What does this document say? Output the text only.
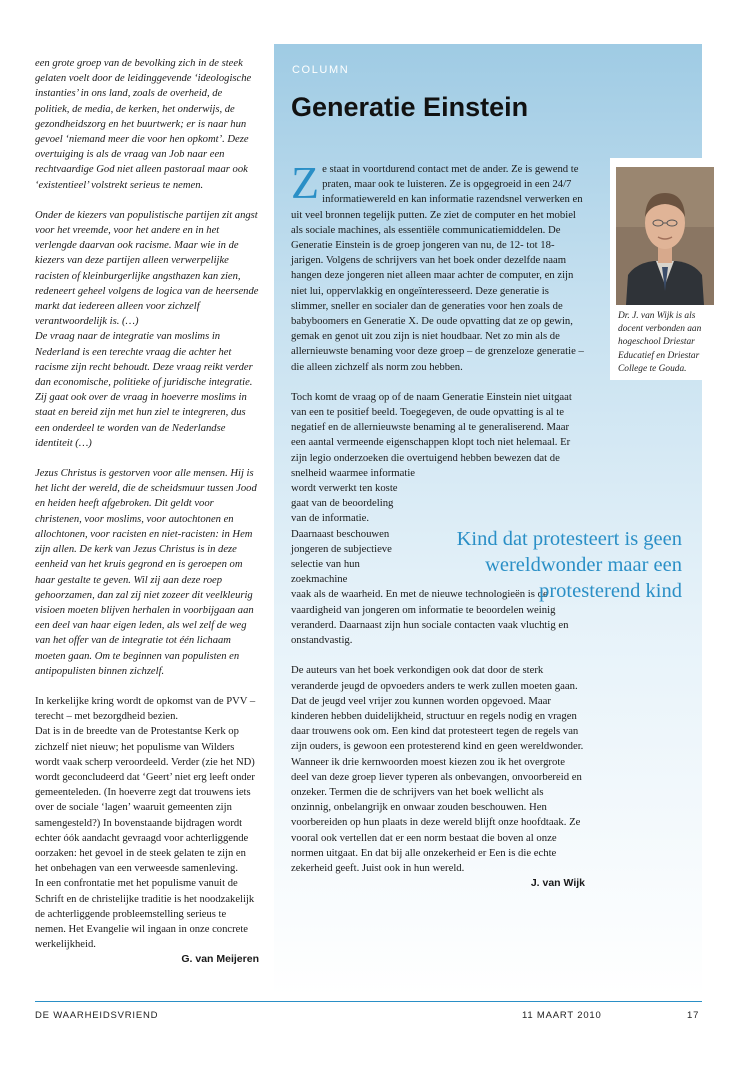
een grote groep van de bevolking zich in de steek gelaten voelt door de leidinggevende ‘ideologische instanties’ in ons land, zoals de overheid, de politiek, de media, de kerken, het onderwijs, de gezondheidszorg en het buurtwerk; er is naar hun gevoel ‘niemand meer die voor hen opkomt’. Deze overtuiging is als de vraag van Job naar een rechtvaardige God niet alleen pastoraal maar ook ‘existentieel’ volstrekt serieus te nemen.

Onder de kiezers van populistische partijen zit angst voor het vreemde, voor het andere en in het verlengde daarvan ook racisme. Maar wie in de kiezers van deze partijen alleen verwerpelijke racisten of kleinburgerlijke angsthazen kan zien, redeneert geheel volgens de logica van de heersende markt dat iedereen alleen voor zichzelf verantwoordelijk is. (…)

De vraag naar de integratie van moslims in Nederland is een terechte vraag die achter het racisme zijn recht behoudt. Deze vraag reikt verder dan economische, politieke of juridische integratie. Zij gaat ook over de vraag in hoeverre moslims in staat en bereid zijn met hun ziel te integreren, dus een onderdeel te worden van de Nederlandse identiteit (…)

Jezus Christus is gestorven voor alle mensen. Hij is het licht der wereld, die de scheidsmuur tussen Jood en heiden heeft afgebroken. Dit geldt voor christenen, voor moslims, voor autochtonen en allochtonen, voor racisten en niet-racisten: in Hem zijn allen. De kerk van Jezus Christus is in deze eenheid van het kruis gegrond en is geroepen om haar gestalte te geven. Wil zij aan deze roep gehoorzamen, dan zal zij niet zozeer dit veelkleurig visioen moeten blijven herhalen in voorbijgaan aan een deel van haar eigen leden, als wel zelf de weg van het offer van de integratie tot één lichaam moeten gaan. Om te beginnen van populisten en antipopulisten binnen zichzelf.

In kerkelijke kring wordt de opkomst van de PVV – terecht – met bezorgdheid bezien.

Dat is in de breedte van de Protestantse Kerk op zichzelf niet nieuw; het populisme van Wilders wordt vaak scherp veroordeeld. Verder (zie het ND) wordt geconcludeerd dat ‘Geert’ niet erg leeft onder gemeenteleden. (In hoeverre zegt dat trouwens iets over de sociale ‘lagen’ waaruit gemeenten zijn samengesteld?) In bovenstaande bijdragen wordt echter óók aandacht gevraagd voor achterliggende oorzaken: het gevoel in de steek gelaten te zijn en het onbehagen van een verweesde samenleving.

In een confrontatie met het populisme vanuit de Schrift en de christelijke traditie is het noodzakelijk de achterliggende probleemstelling serieus te nemen. Het Evangelie wil ingaan in onze concrete werkelijkheid.

G. van Meijeren

COLUMN
Generatie Einstein

Ze staat in voortdurend contact met de ander. Ze is gewend te praten, maar ook te luisteren. Ze is opgegroeid in een 24/7 informatiewereld en kan informatie razendsnel verwerken en uit veel bronnen tegelijk putten. Ze ziet de computer en het mobiel als sociale machines, als essentiële communicatiemiddelen. De Generatie Einstein is de groep jongeren van nu, de 12- tot 18-jarigen. Volgens de schrijvers van het boek onder dezelfde naam hangen deze jongeren niet alleen maar achter de computer, en zijn niet lui, oppervlakkig en ongeïnteresseerd. Deze generatie is slimmer, sneller en socialer dan de generaties voor hen zoals de babyboomers en Generatie X. De oude opvatting dat ze op gewin, gemak en genot uit zou zijn is niet houdbaar. Net zo min als de allernieuwste benaming voor deze groep – de grenzeloze generatie – die alleen zichzelf als norm zou hebben.

Toch komt de vraag op of de naam Generatie Einstein niet uitgaat van een te positief beeld. Toegegeven, de oude opvatting is al te negatief en de allernieuwste benaming al te generaliserend. Maar een aantal vermeende eigenschappen klopt toch niet helemaal. Er zijn legio onderzoeken die overtuigend hebben bewezen dat de snelheid waarmee informatie

wordt verwerkt ten koste gaat van de beoordeling van de informatie. Daarnaast beschouwen jongeren de subjectieve selectie van hun zoekmachine

vaak als de waarheid. En met de nieuwe technologieën is de vaardigheid van jongeren om informatie te beoordelen weinig veranderd. Daarnaast zijn hun sociale contacten vaak vluchtig en onstandvastig.

De auteurs van het boek verkondigen ook dat door de sterk veranderde jeugd de opvoeders anders te werk zullen moeten gaan. Dat de jeugd veel vrijer zou kunnen worden opgevoed. Maar kinderen hebben duidelijkheid, structuur en regels nodig en vragen daar trouwens ook om. Een kind dat protesteert tegen de regels van zijn ouders, is gewoon een protesterend kind en geen wereldwonder.

Wanneer ik drie kernwoorden moest kiezen zou ik het overgrote deel van deze groep liever typeren als onbevangen, onvoorbereid en onzeker. Termen die de schrijvers van het boek wellicht als onzinnig, onbelangrijk en onwaar zouden beschouwen. Hen voorbereiden op hun plaats in deze wereld blijft onze hoofdtaak. Ze vooral ook vertellen dat er een norm bestaat die boven al onze normen uitgaat. En dat bij alle onzekerheid er Een is die echte zekerheid geeft. Juist ook in hun wereld.

J. van Wijk

Dr. J. van Wijk is als docent verbonden aan hogeschool Driestar Educatief en Driestar College te Gouda.
Kind dat protesteert is geen wereldwonder maar een protesterend kind
DE WAARHEIDSVRIEND	11 MAART 2010	17
